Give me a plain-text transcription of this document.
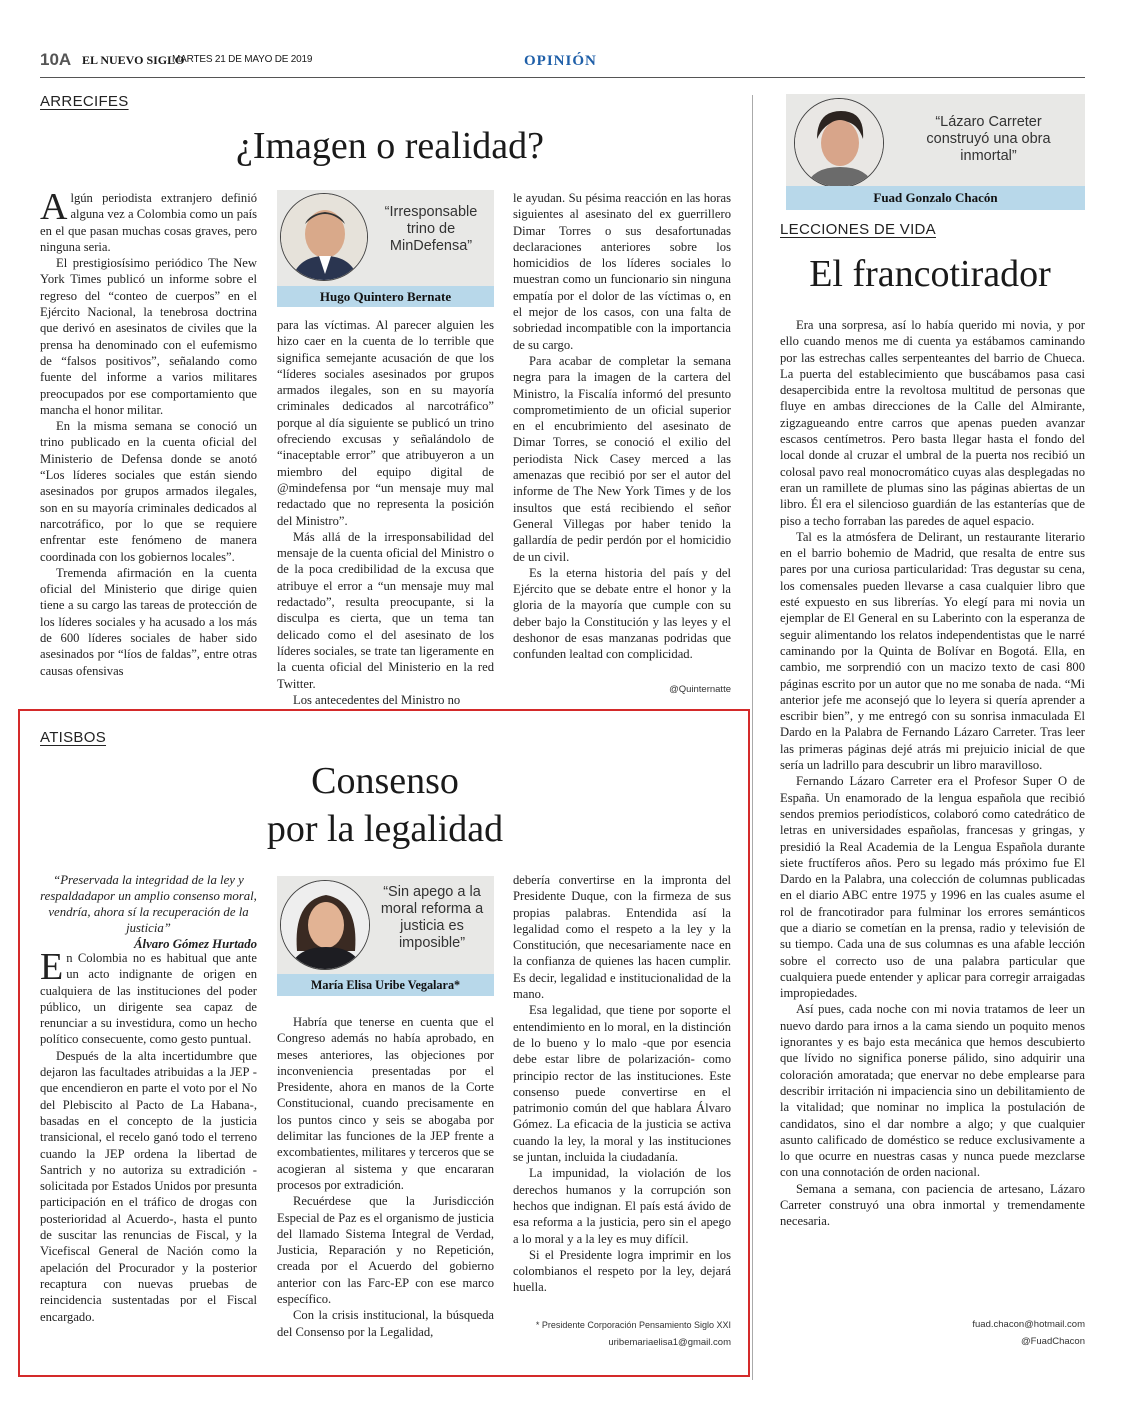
10A EL NUEVO SIGLO
MARTES 21 DE MAYO DE 2019	OPINIÓN
ARRECIFES
¿Imagen o realidad?
“Irresponsable trino de MinDefensa”
Hugo Quintero Bernate

Algún periodista extranjero definió alguna vez a Colombia como un país en el que pasan muchas cosas graves, pero ninguna seria.

El prestigiosísimo periódico The New York Times publicó un informe sobre el regreso del “conteo de cuerpos” en el Ejército Nacional, la tenebrosa doctrina que derivó en asesinatos de civiles que la prensa ha denominado con el eufemismo de “falsos positivos”, señalando como fuente del informe a varios militares preocupados por ese comportamiento que mancha el honor militar.

En la misma semana se conoció un trino publicado en la cuenta oficial del Ministerio de Defensa donde se anotó “Los líderes sociales que están siendo asesinados por grupos armados ilegales, son en su mayoría criminales dedicados al narcotráfico, por lo que se requiere enfrentar este fenómeno de manera coordinada con los gobiernos locales”.

Tremenda afirmación en la cuenta oficial del Ministerio que dirige quien tiene a su cargo las tareas de protección de los líderes sociales y ha acusado a los más de 600 líderes sociales de haber sido asesinados por “líos de faldas”, entre otras causas ofensivas

para las víctimas. Al parecer alguien les hizo caer en la cuenta de lo terrible que significa semejante acusación de que los “líderes sociales asesinados por grupos armados ilegales, son en su mayoría criminales dedicados al narcotráfico” porque al día siguiente se publicó un trino ofreciendo excusas y señalándolo de “inaceptable error” que atribuyeron a un miembro del equipo digital de @mindefensa por “un mensaje muy mal redactado que no representa la posición del Ministro”.

Más allá de la irresponsabilidad del mensaje de la cuenta oficial del Ministro o de la poca credibilidad de la excusa que atribuye el error a “un mensaje muy mal redactado”, resulta preocupante, si la disculpa es cierta, que un tema tan delicado como el del asesinato de los líderes sociales, se trate tan ligeramente en la cuenta oficial del Ministerio en la red Twitter.

Los antecedentes del Ministro no

le ayudan. Su pésima reacción en las horas siguientes al asesinato del ex guerrillero Dimar Torres o sus desafortunadas declaraciones anteriores sobre los homicidios de los líderes sociales lo muestran como un funcionario sin ninguna empatía por el dolor de las víctimas o, en el mejor de los casos, con una falta de sobriedad incompatible con la importancia de su cargo.

Para acabar de completar la semana negra para la imagen de la cartera del Ministro, la Fiscalía informó del presunto comprometimiento de un oficial superior en el encubrimiento del asesinato de Dimar Torres, se conoció el exilio del periodista Nick Casey merced a las amenazas que recibió por ser el autor del informe de The New York Times y de los insultos que está recibiendo el señor General Villegas por haber tenido la gallardía de pedir perdón por el homicidio de un civil.

Es la eterna historia del país y del Ejército que se debate entre el honor y la gloria de la mayoría que cumple con su deber bajo la Constitución y las leyes y el deshonor de esas manzanas podridas que confunden lealtad con complicidad.

@Quinternatte
ATISBOS
Consenso
por la legalidad
“Preservada la integridad de la ley y respaldadapor un amplio consenso moral, vendría, ahora sí la recuperación de la justicia”
Álvaro Gómez Hurtado

En Colombia no es habitual que ante un acto indignante de origen en cualquiera de las instituciones del poder público, un dirigente sea capaz de renunciar a su investidura, como un hecho político consecuente, como gesto puntual.

Después de la alta incertidumbre que dejaron las facultades atribuidas a la JEP -que encendieron en parte el voto por el No del Plebiscito al Pacto de La Habana-, basadas en el concepto de la justicia transicional, el recelo ganó todo el terreno cuando la JEP ordena la libertad de Santrich y no autoriza su extradición -solicitada por Estados Unidos por presunta participación en el tráfico de drogas con posterioridad al Acuerdo-, hasta el punto de suscitar las renuncias de Fiscal, y la Vicefiscal General de Nación como la apelación del Procurador y la posterior recaptura con nuevas pruebas de reincidencia sustentadas por el Fiscal encargado.

“Sin apego a la moral reforma a justicia es imposible”
María Elisa Uribe Vegalara*

Habría que tenerse en cuenta que el Congreso además no había aprobado, en meses anteriores, las objeciones por inconveniencia presentadas por el Presidente, ahora en manos de la Corte Constitucional, cuando precisamente en los puntos cinco y seis se abogaba por delimitar las funciones de la JEP frente a excombatientes, militares y terceros que se acogieran al sistema y que encararan procesos por extradición.

Recuérdese que la Jurisdicción Especial de Paz es el organismo de justicia del llamado Sistema Integral de Verdad, Justicia, Reparación y no Repetición, creada por el Acuerdo del gobierno anterior con las Farc-EP con ese marco específico.

Con la crisis institucional, la búsqueda del Consenso por la Legalidad,

debería convertirse en la impronta del Presidente Duque, con la firmeza de sus propias palabras. Entendida así la legalidad como el respeto a la ley y la Constitución, que necesariamente nace en la confianza de quienes las hacen cumplir. Es decir, legalidad e institucionalidad de la mano.

Esa legalidad, que tiene por soporte el entendimiento en lo moral, en la distinción de lo bueno y lo malo -que por esencia debe estar libre de polarización- como principio rector de las instituciones. Este consenso puede convertirse en el patrimonio común del que hablara Álvaro Gómez. La eficacia de la justicia se activa cuando la ley, la moral y las instituciones se juntan, incluida la ciudadanía.

La impunidad, la violación de los derechos humanos y la corrupción son hechos que indignan. El país está ávido de esa reforma a la justicia, pero sin el apego a lo moral y a la ley es muy difícil.

Si el Presidente logra imprimir en los colombianos el respeto por la ley, dejará huella.

* Presidente Corporación Pensamiento Siglo XXI
uribemariaelisa1@gmail.com
“Lázaro Carreter construyó una obra inmortal”
Fuad Gonzalo Chacón
LECCIONES DE VIDA
El francotirador

Era una sorpresa, así lo había querido mi novia, y por ello cuando menos me di cuenta ya estábamos caminando por las estrechas calles serpenteantes del barrio de Chueca. La puerta del establecimiento que buscábamos pasa casi desapercibida entre la revoltosa multitud de personas que fluye en ambas direcciones de la Calle del Almirante, zigzagueando entre carros que apenas pueden avanzar escasos centímetros. Pero basta llegar hasta el fondo del local donde al cruzar el umbral de la puerta nos recibió un colosal pavo real monocromático cuyas alas desplegadas no eran un ramillete de plumas sino las páginas abiertas de un libro. Él era el silencioso guardián de las estanterías que de piso a techo forraban las paredes de aquel espacio.

Tal es la atmósfera de Delirant, un restaurante literario en el barrio bohemio de Madrid, que resalta de entre sus pares por una curiosa particularidad: Tras degustar su cena, los comensales pueden llevarse a casa cualquier libro que esté expuesto en sus librerías. Yo elegí para mi novia un ejemplar de El General en su Laberinto con la esperanza de seguir alimentando los relatos independentistas que le narré caminando por la Quinta de Bolívar en Bogotá. Ella, en cambio, me sorprendió con un macizo texto de casi 800 páginas escrito por un autor que no me sonaba de nada. “Mi anterior jefe me aconsejó que lo leyera si quería aprender a escribir bien”, y me entregó con su sonrisa inmaculada El Dardo en la Palabra de Fernando Lázaro Carreter. Tras leer las primeras páginas dejé atrás mi prejuicio inicial de que sería un ladrillo para descubrir un libro maravilloso.

Fernando Lázaro Carreter era el Profesor Super O de España. Un enamorado de la lengua española que recibió sendos premios periodísticos, colaboró como catedrático de letras en universidades españolas, francesas y gringas, y presidió la Real Academia de la Lengua Española durante siete fructíferos años. Pero su legado más próximo fue El Dardo en la Palabra, una colección de columnas publicadas en el diario ABC entre 1975 y 1996 en las cuales asume el rol de francotirador para fulminar los errores semánticos que a diario se cometían en la prensa, radio y televisión de su tiempo. Cada una de sus columnas es una afable lección sobre el correcto uso de una palabra particular que cualquiera puede entender y aplicar para corregir arraigadas impropiedades.

Así pues, cada noche con mi novia tratamos de leer un nuevo dardo para irnos a la cama siendo un poquito menos ignorantes y es bajo esta mecánica que hemos descubierto que lívido no significa ponerse pálido, sino adquirir una coloración amoratada; que enervar no debe emplearse para describir irritación ni impaciencia sino un debilitamiento de la vitalidad; que nominar no implica la postulación de candidatos, sino el dar nombre a algo; y que cualquier asunto calificado de doméstico se reduce exclusivamente a lo que ocurre en nuestras casas y nunca puede mezclarse con una connotación de orden nacional.

Semana a semana, con paciencia de artesano, Lázaro Carreter construyó una obra inmortal y tremendamente necesaria.

fuad.chacon@hotmail.com
@FuadChacon
